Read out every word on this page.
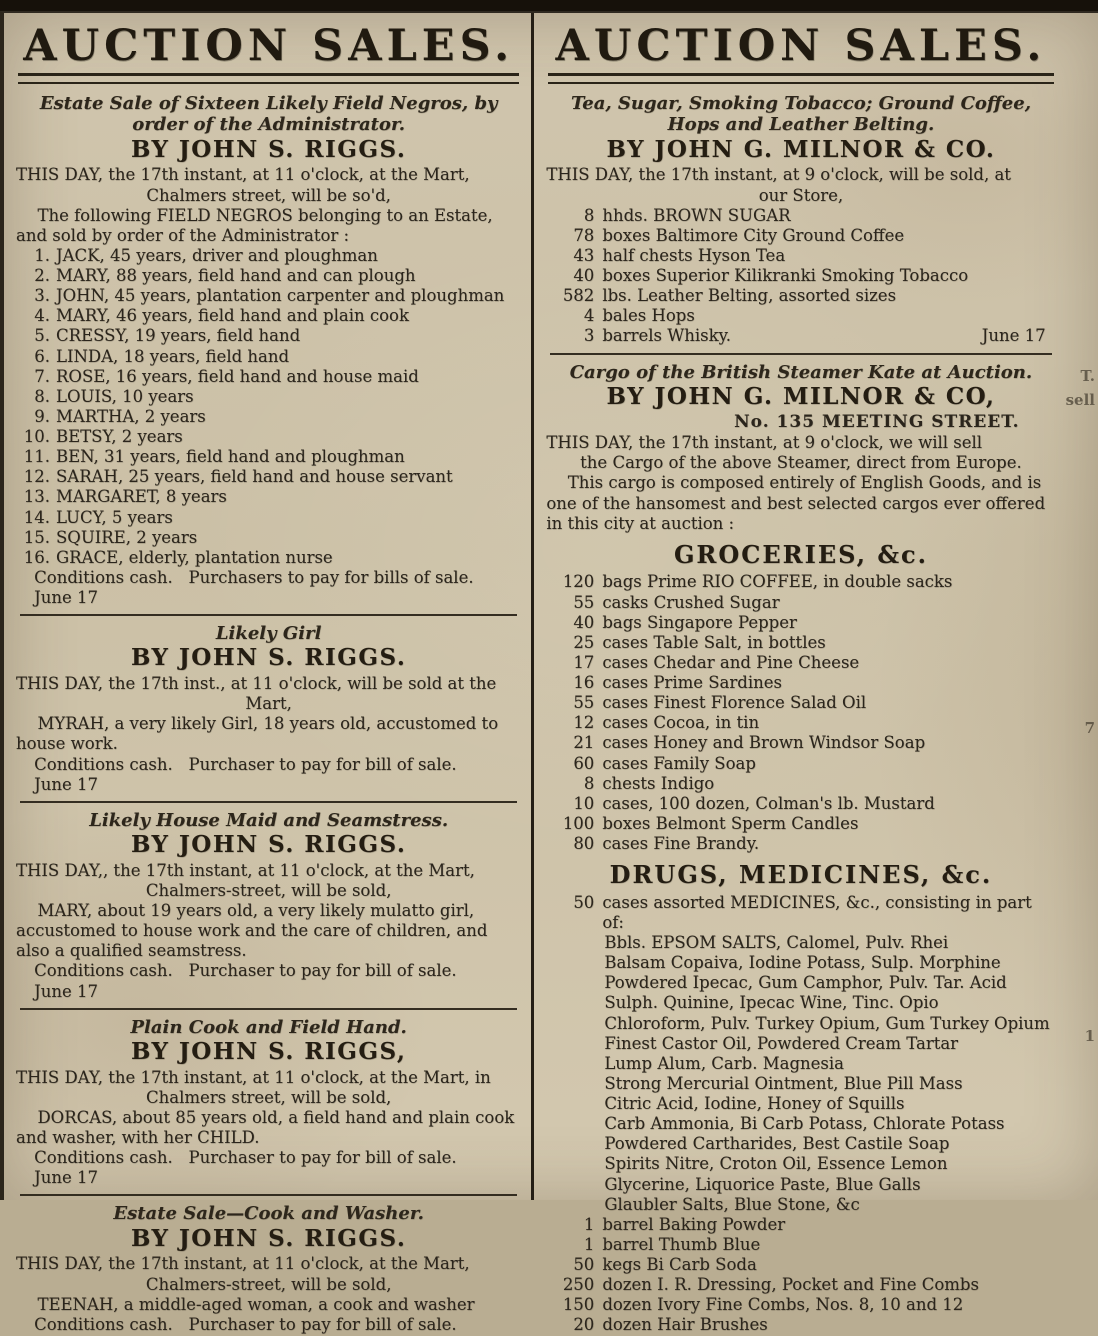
AUCTION SALES.
Estate Sale of Sixteen Likely Field Negros, by order of the Administrator.
BY JOHN S. RIGGS.
THIS DAY, the 17th instant, at 11 o'clock, at the Mart,
Chalmers street, will be so'd,
The following FIELD NEGROS belonging to an Estate, and sold by order of the Administrator :
1. JACK, 45 years, driver and ploughman
2. MARY, 88 years, field hand and can plough
3. JOHN, 45 years, plantation carpenter and ploughman
4. MARY, 46 years, field hand and plain cook
5. CRESSY, 19 years, field hand
6. LINDA, 18 years, field hand
7. ROSE, 16 years, field hand and house maid
8. LOUIS, 10 years
9. MARTHA, 2 years
10. BETSY, 2 years
11. BEN, 31 years, field hand and ploughman
12. SARAH, 25 years, field hand and house servant
13. MARGARET, 8 years
14. LUCY, 5 years
15. SQUIRE, 2 years
16. GRACE, elderly, plantation nurse
Conditions cash.   Purchasers to pay for bills of sale.
June 17
Likely Girl
BY JOHN S. RIGGS.
THIS DAY, the 17th inst., at 11 o'clock, will be sold at the
Mart,
MYRAH, a very likely Girl, 18 years old, accustomed to house work.
Conditions cash.   Purchaser to pay for bill of sale.
June 17
Likely House Maid and Seamstress.
BY JOHN S. RIGGS.
THIS DAY,, the 17th instant, at 11 o'clock, at the Mart,
Chalmers-street, will be sold,
MARY, about 19 years old, a very likely mulatto girl, accustomed to house work and the care of children, and also a qualified seamstress.
Conditions cash.   Purchaser to pay for bill of sale.
June 17
Plain Cook and Field Hand.
BY JOHN S. RIGGS,
THIS DAY, the 17th instant, at 11 o'clock, at the Mart, in
Chalmers street, will be sold,
DORCAS, about 85 years old, a field hand and plain cook and washer, with her CHILD.
Conditions cash.   Purchaser to pay for bill of sale.
June 17
Estate Sale—Cook and Washer.
BY JOHN S. RIGGS.
THIS DAY, the 17th instant, at 11 o'clock, at the Mart,
Chalmers-street, will be sold,
TEENAH, a middle-aged woman, a cook and washer
Conditions cash.   Purchaser to pay for bill of sale.
AUCTION SALES.
Tea, Sugar, Smoking Tobacco; Ground Coffee, Hops and Leather Belting.
BY JOHN G. MILNOR & CO.
THIS DAY, the 17th instant, at 9 o'clock, will be sold, at
our Store,
8 hhds. BROWN SUGAR
78 boxes Baltimore City Ground Coffee
43 half chests Hyson Tea
40 boxes Superior Kilikranki Smoking Tobacco
582 lbs. Leather Belting, assorted sizes
4 bales Hops
3 barrels Whisky.	June 17
Cargo of the British Steamer Kate at Auction.
BY JOHN G. MILNOR & CO,
No. 135 MEETING STREET.
THIS DAY, the 17th instant, at 9 o'clock, we will sell
the Cargo of the above Steamer, direct from Europe.
This cargo is composed entirely of English Goods, and is one of the hansomest and best selected cargos ever offered in this city at auction :
GROCERIES, &c.
120 bags Prime RIO COFFEE, in double sacks
55 casks Crushed Sugar
40 bags Singapore Pepper
25 cases Table Salt, in bottles
17 cases Chedar and Pine Cheese
16 cases Prime Sardines
55 cases Finest Florence Salad Oil
12 cases Cocoa, in tin
21 cases Honey and Brown Windsor Soap
60 cases Family Soap
8 chests Indigo
10 cases, 100 dozen, Colman's lb. Mustard
100 boxes Belmont Sperm Candles
80 cases Fine Brandy.
DRUGS, MEDICINES, &c.
50 cases assorted MEDICINES, &c., consisting in part of:
Bbls. EPSOM SALTS, Calomel, Pulv. Rhei
Balsam Copaiva, Iodine Potass, Sulp. Morphine
Powdered Ipecac, Gum Camphor, Pulv. Tar. Acid
Sulph. Quinine, Ipecac Wine, Tinc. Opio
Chloroform, Pulv. Turkey Opium, Gum Turkey Opium
Finest Castor Oil, Powdered Cream Tartar
Lump Alum, Carb. Magnesia
Strong Mercurial Ointment, Blue Pill Mass
Citric Acid, Iodine, Honey of Squills
Carb Ammonia, Bi Carb Potass, Chlorate Potass
Powdered Cartharides, Best Castile Soap
Spirits Nitre, Croton Oil, Essence Lemon
Glycerine, Liquorice Paste, Blue Galls
Glaubler Salts, Blue Stone, &c
1 barrel Baking Powder
1 barrel Thumb Blue
50 kegs Bi Carb Soda
250 dozen I. R. Dressing, Pocket and Fine Combs
150 dozen Ivory Fine Combs, Nos. 8, 10 and 12
20 dozen Hair Brushes
T.
sell
7
1
